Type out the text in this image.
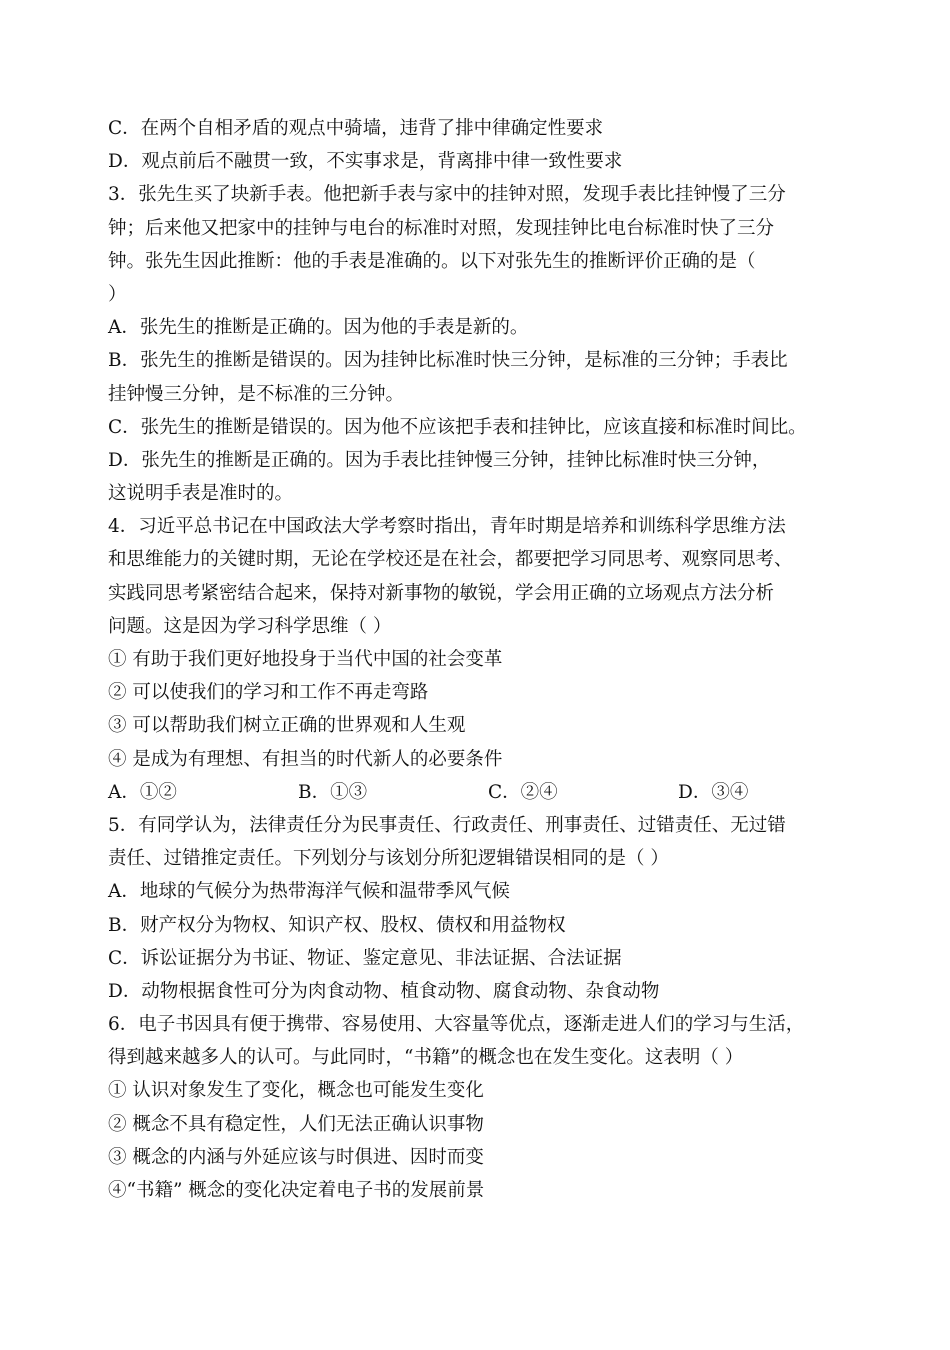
C．在两个自相矛盾的观点中骑墙，违背了排中律确定性要求
D．观点前后不融贯一致，不实事求是，背离排中律一致性要求
3．张先生买了块新手表。他把新手表与家中的挂钟对照，发现手表比挂钟慢了三分
钟；后来他又把家中的挂钟与电台的标准时对照，发现挂钟比电台标准时快了三分
钟。张先生因此推断：他的手表是准确的。以下对张先生的推断评价正确的是（
）
A．张先生的推断是正确的。因为他的手表是新的。
B．张先生的推断是错误的。因为挂钟比标准时快三分钟，是标准的三分钟；手表比
挂钟慢三分钟，是不标准的三分钟。
C．张先生的推断是错误的。因为他不应该把手表和挂钟比，应该直接和标准时间比。
D．张先生的推断是正确的。因为手表比挂钟慢三分钟，挂钟比标准时快三分钟，
这说明手表是准时的。
4．习近平总书记在中国政法大学考察时指出，青年时期是培养和训练科学思维方法
和思维能力的关键时期，无论在学校还是在社会，都要把学习同思考、观察同思考、
实践同思考紧密结合起来，保持对新事物的敏锐，学会用正确的立场观点方法分析
问题。这是因为学习科学思维（ ）
① 有助于我们更好地投身于当代中国的社会变革
② 可以使我们的学习和工作不再走弯路
③ 可以帮助我们树立正确的世界观和人生观
④ 是成为有理想、有担当的时代新人的必要条件
A．①②	B．①③	C．②④	D．③④
5．有同学认为，法律责任分为民事责任、行政责任、刑事责任、过错责任、无过错
责任、过错推定责任。下列划分与该划分所犯逻辑错误相同的是（ ）
A．地球的气候分为热带海洋气候和温带季风气候
B．财产权分为物权、知识产权、股权、债权和用益物权
C．诉讼证据分为书证、物证、鉴定意见、非法证据、合法证据
D．动物根据食性可分为肉食动物、植食动物、腐食动物、杂食动物
6．电子书因具有便于携带、容易使用、大容量等优点，逐渐走进人们的学习与生活，
得到越来越多人的认可。与此同时，“书籍”的概念也在发生变化。这表明（ ）
① 认识对象发生了变化，概念也可能发生变化
② 概念不具有稳定性，人们无法正确认识事物
③ 概念的内涵与外延应该与时俱进、因时而变
④“书籍” 概念的变化决定着电子书的发展前景
